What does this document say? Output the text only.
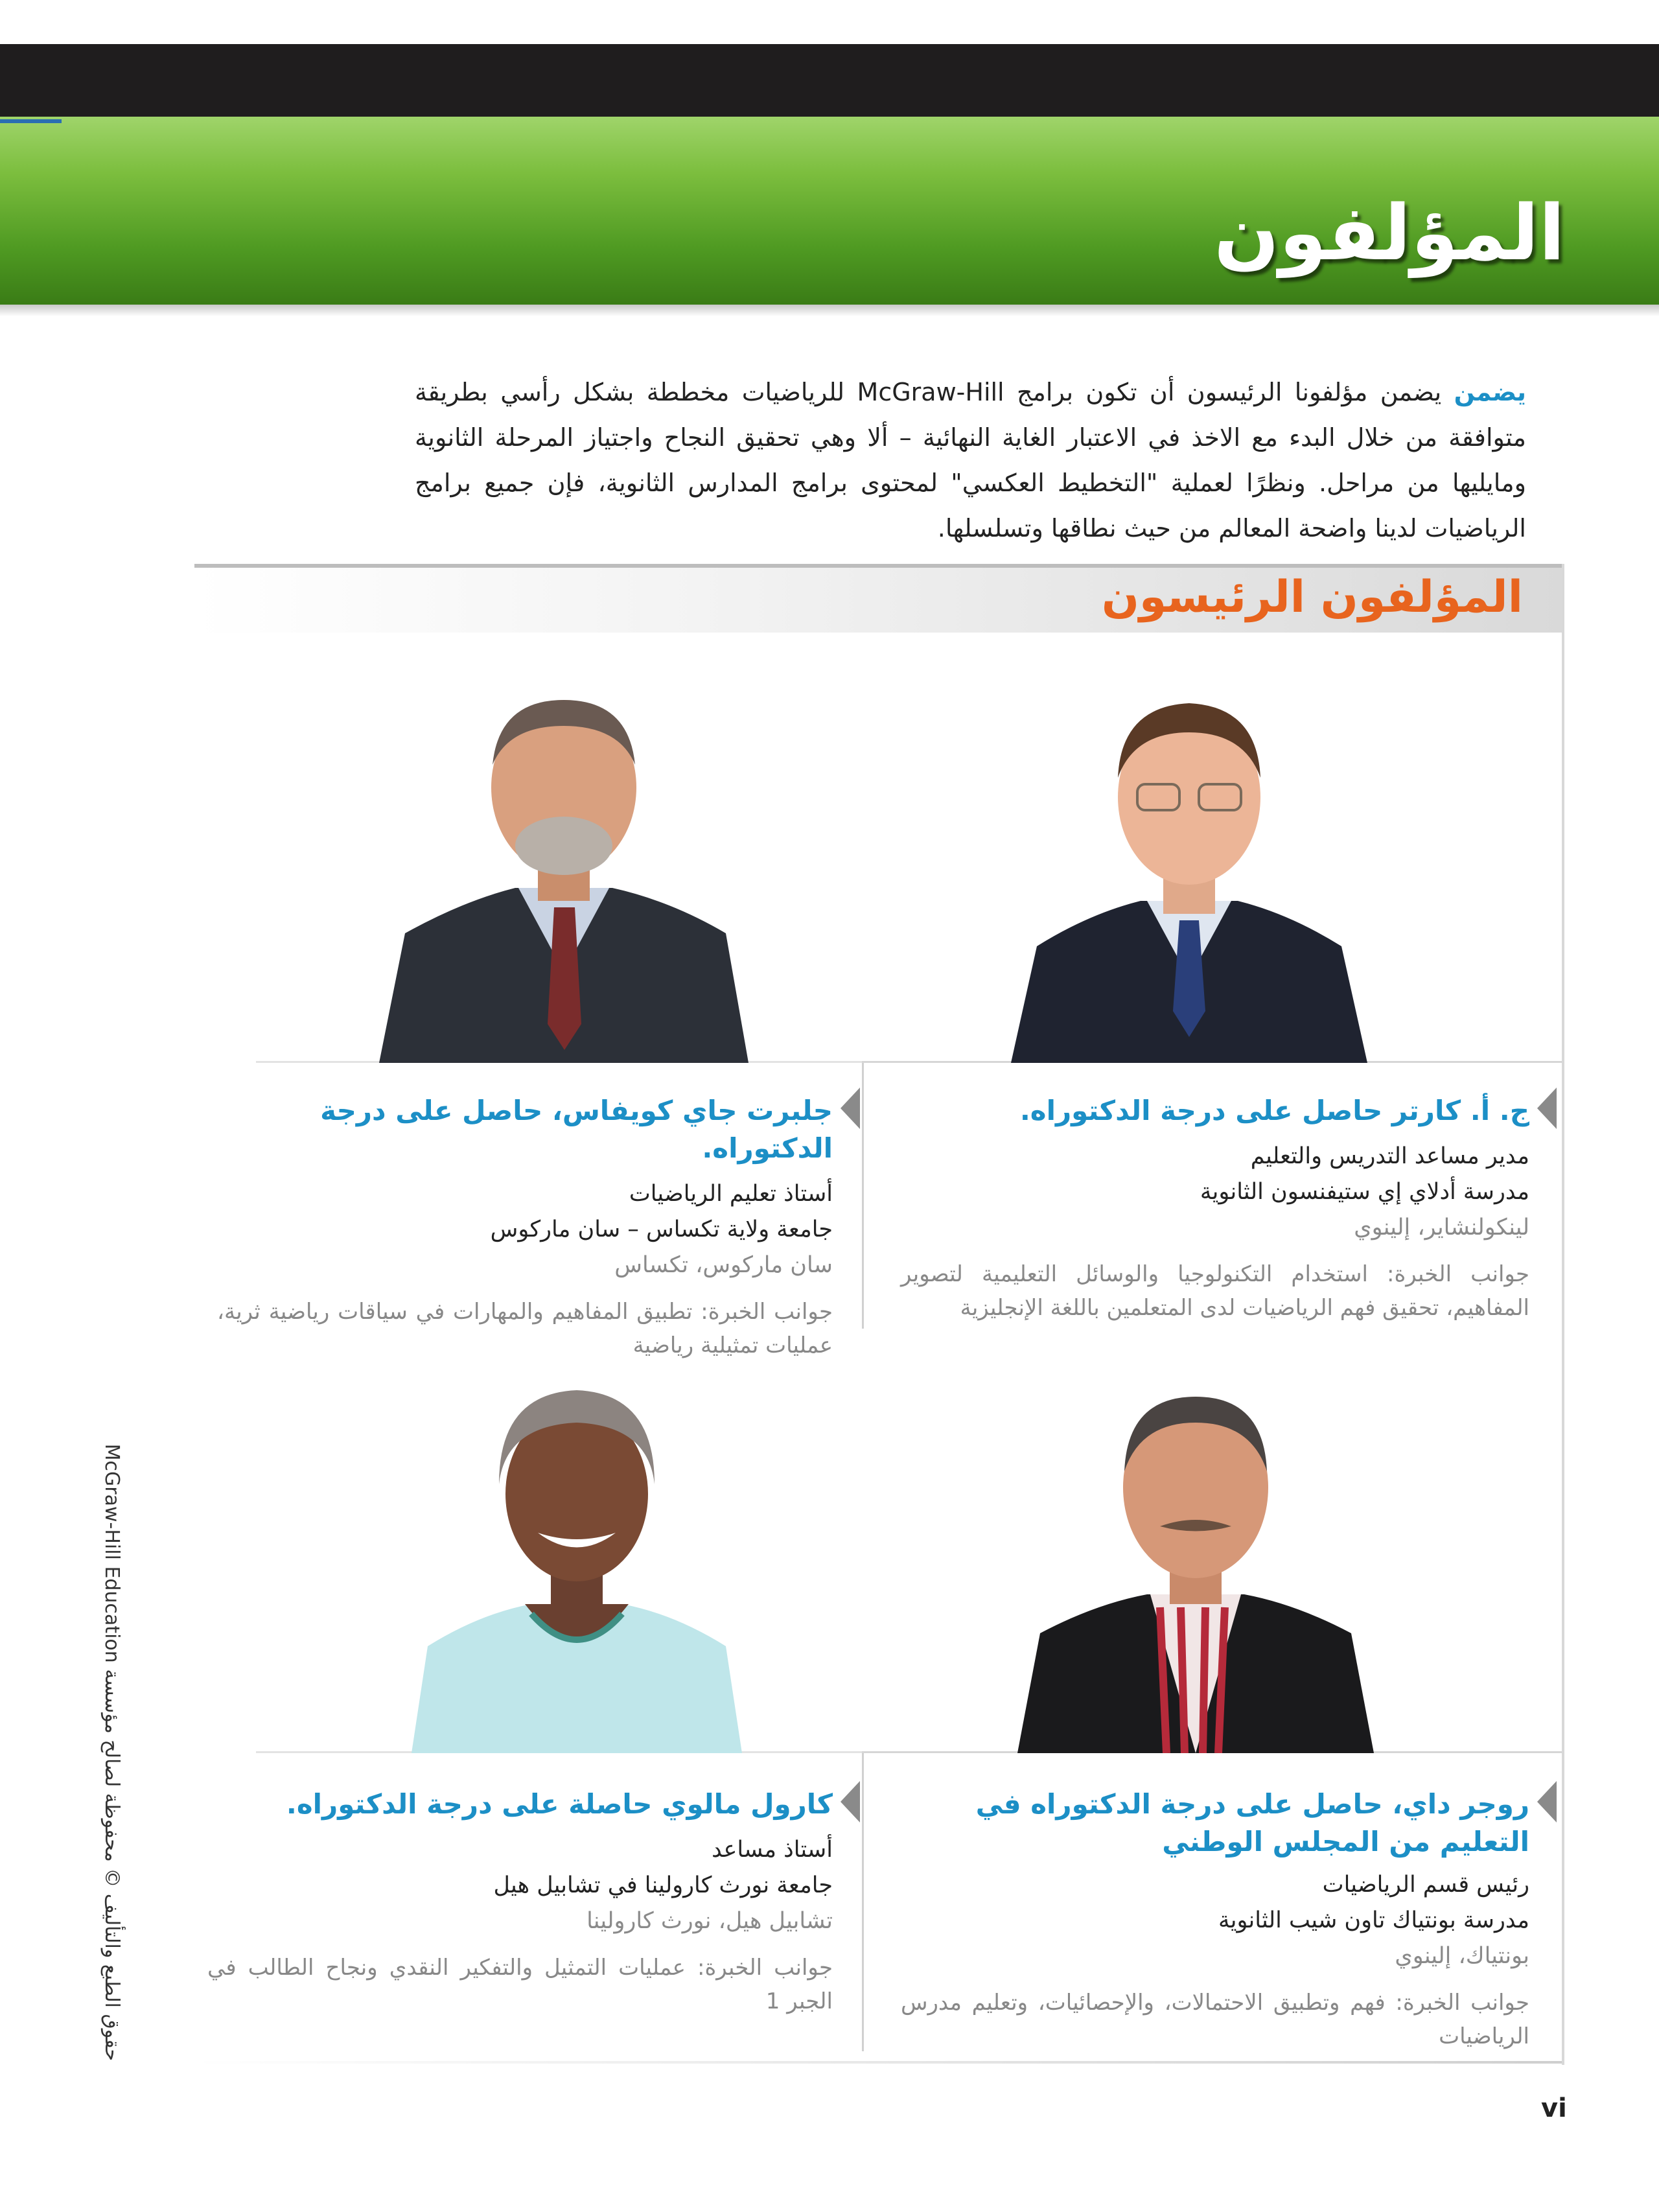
المؤلفون
يضمن يضمن مؤلفونا الرئيسون أن تكون برامج McGraw-Hill للرياضيات مخططة بشكل رأسي بطريقة متوافقة من خلال البدء مع الاخذ في الاعتبار الغاية النهائية – ألا وهي تحقيق النجاح واجتياز المرحلة الثانوية ومايليها من مراحل. ونظرًا لعملية "التخطيط العكسي" لمحتوى برامج المدارس الثانوية، فإن جميع برامج الرياضيات لدينا واضحة المعالم من حيث نطاقها وتسلسلها.
المؤلفون الرئيسون

ج. أ. كارتر حاصل على درجة الدكتوراه.

مدير مساعد التدريس والتعليم
مدرسة أدلاي إي ستيفنسون الثانوية
لينكولنشاير، إلينوي
جوانب الخبرة: استخدام التكنولوجيا والوسائل التعليمية لتصوير المفاهيم، تحقيق فهم الرياضيات لدى المتعلمين باللغة الإنجليزية

جلبرت جاي كويفاس، حاصل على درجة الدكتوراه.

أستاذ تعليم الرياضيات
جامعة ولاية تكساس – سان ماركوس
سان ماركوس، تكساس
جوانب الخبرة: تطبيق المفاهيم والمهارات في سياقات رياضية ثرية، عمليات تمثيلية رياضية

روجر داي، حاصل على درجة الدكتوراه في التعليم من المجلس الوطني

رئيس قسم الرياضيات
مدرسة بونتياك تاون شيب الثانوية
بونتياك، إلينوي
جوانب الخبرة: فهم وتطبيق الاحتمالات، والإحصائيات، وتعليم مدرس الرياضيات

كارول مالوي حاصلة على درجة الدكتوراه.

أستاذ مساعد
جامعة نورث كارولينا في تشابيل هيل
تشابيل هيل، نورث كارولينا
جوانب الخبرة: عمليات التمثيل والتفكير النقدي ونجاح الطالب في الجبر 1
حقوق الطبع والتأليف © محفوظة لصالح مؤسسة McGraw-Hill Education
vi
